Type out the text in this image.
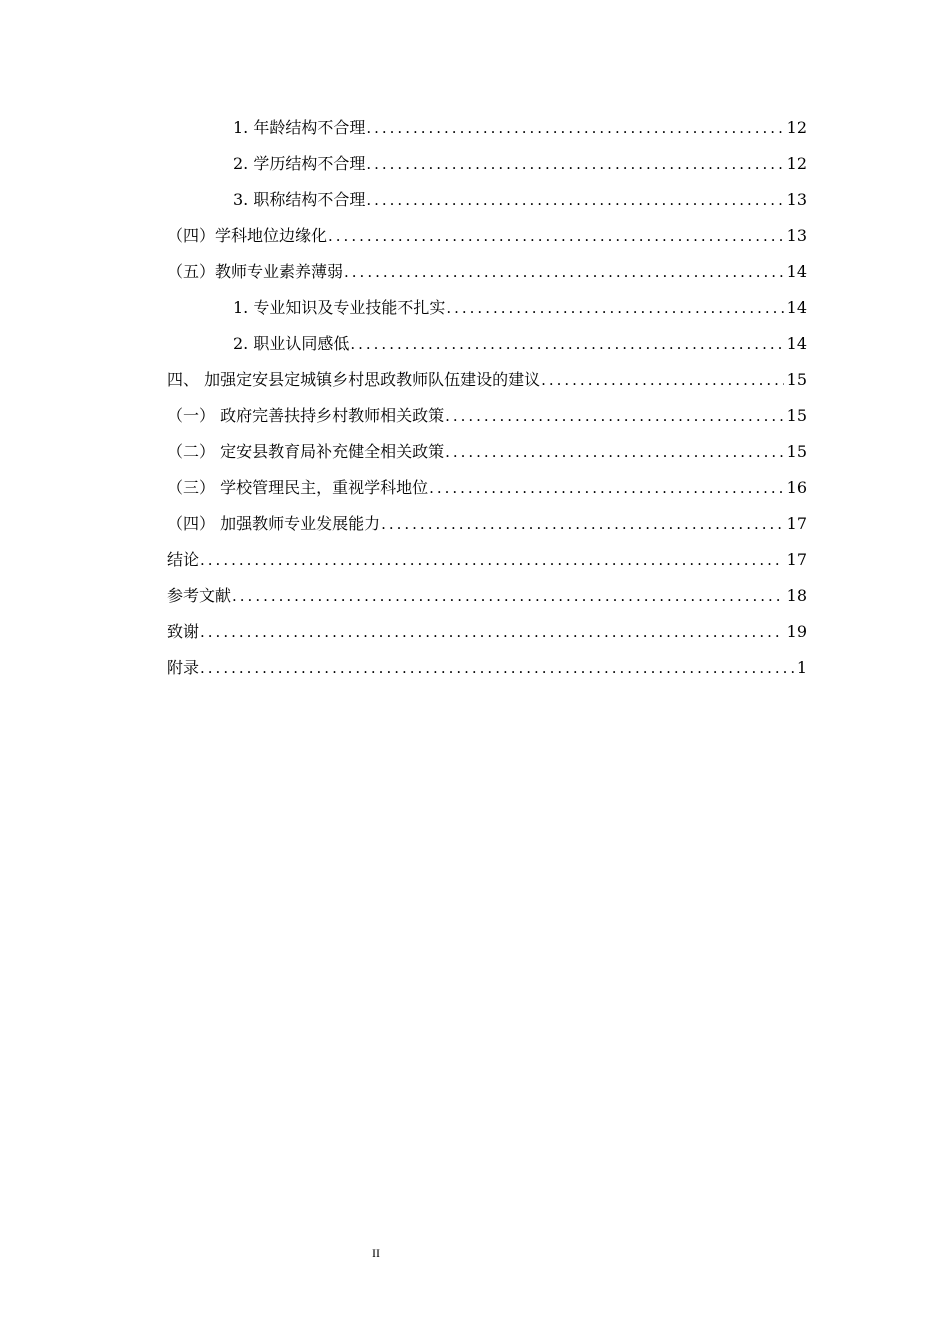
1. 年龄结构不合理 .....	12
2. 学历结构不合理 .....	12
3. 职称结构不合理 .....	13
（四）学科地位边缘化 .....	13
（五）教师专业素养薄弱 .....	14
1. 专业知识及专业技能不扎实 .....	14
2. 职业认同感低 .....	14
四、 加强定安县定城镇乡村思政教师队伍建设的建议 .....	15
（一） 政府完善扶持乡村教师相关政策 .....	15
（二） 定安县教育局补充健全相关政策 .....	15
（三） 学校管理民主，重视学科地位 .....	16
（四） 加强教师专业发展能力 .....	17
结论 .....	17
参考文献 .....	18
致谢 .....	19
附录 .....	1
II
